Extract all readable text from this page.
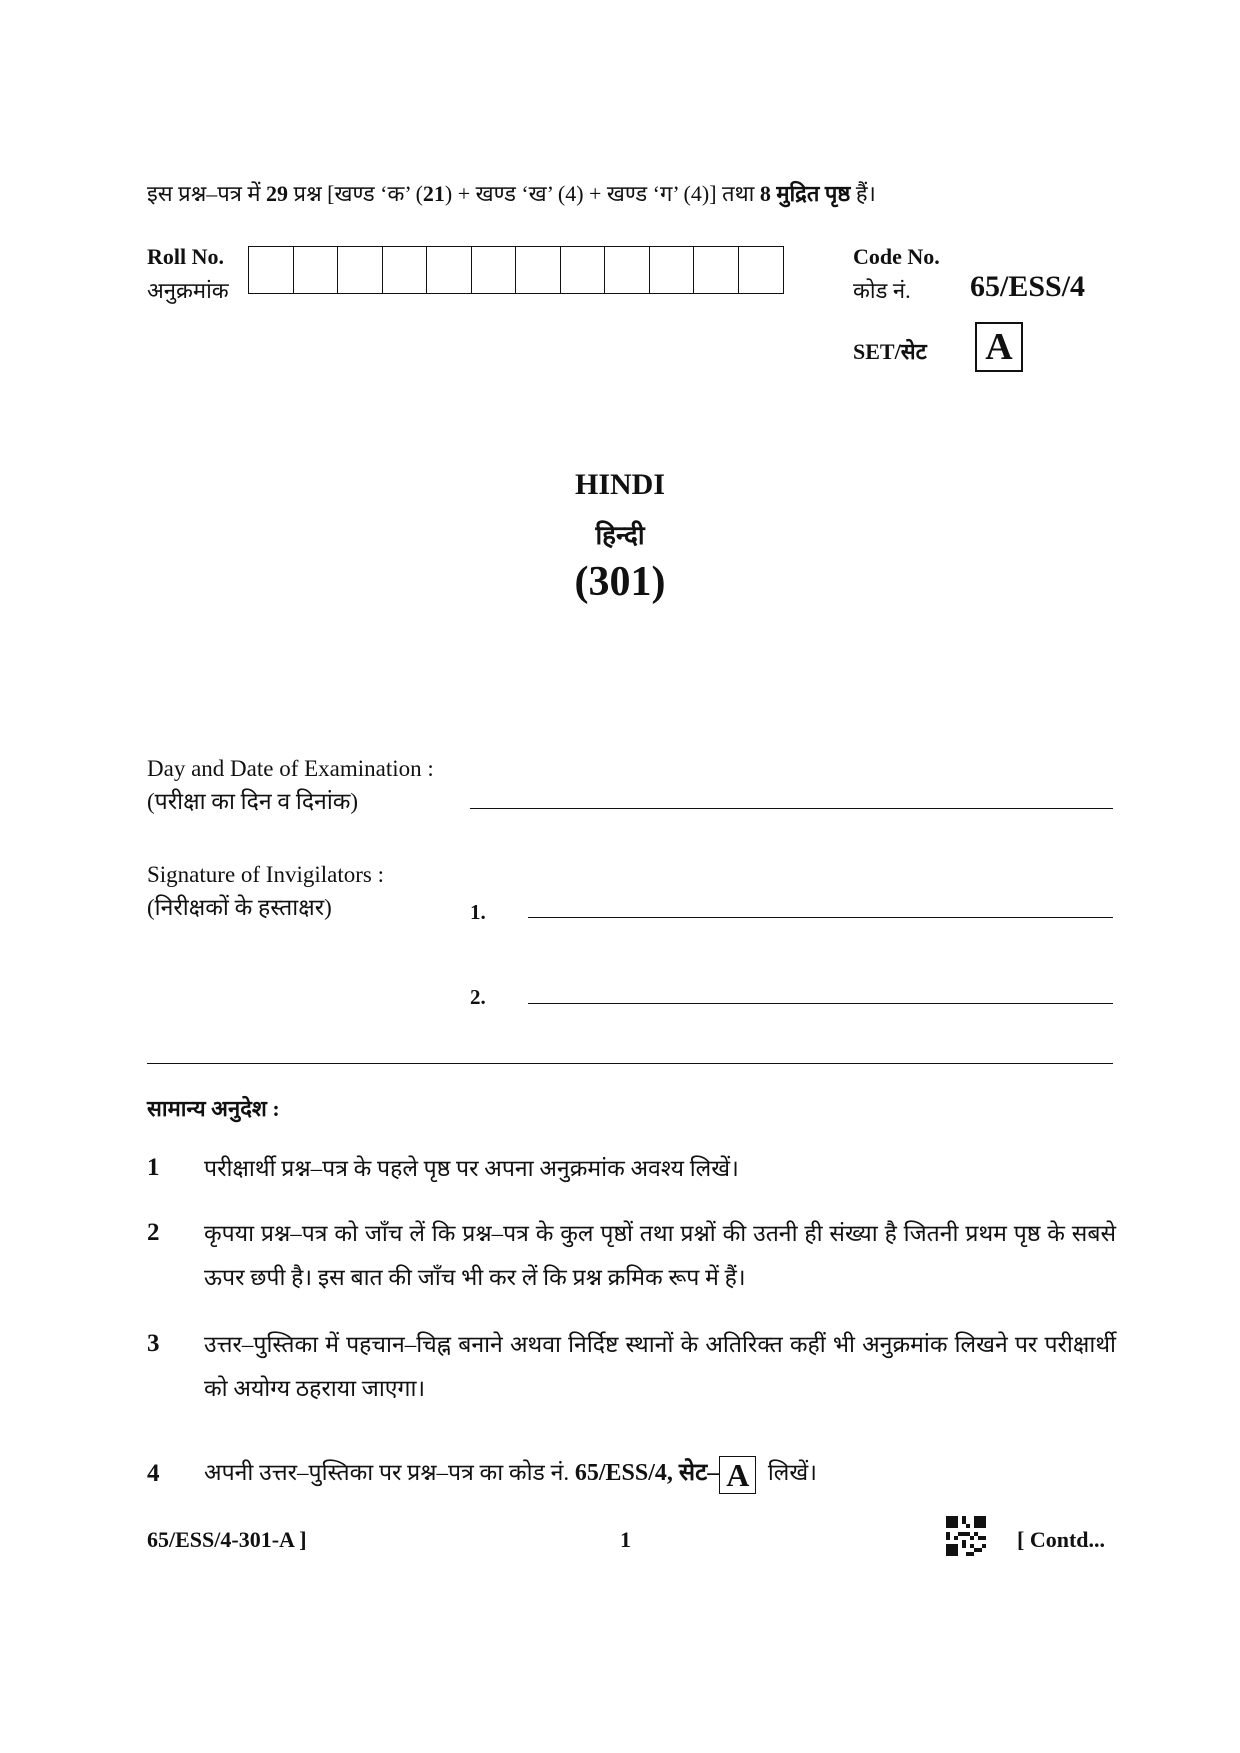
इस प्रश्न–पत्र में 29 प्रश्न [खण्ड ‘क’ (21) + खण्ड ‘ख’ (4) + खण्ड ‘ग’ (4)] तथा 8 मुद्रित पृष्ठ हैं।
Roll No.
अनुक्रमांक
Code No.
कोड नं.	65/ESS/4
SET/सेट A
HINDI
हिन्दी
(301)
Day and Date of Examination :
(परीक्षा का दिन व दिनांक)
Signature of Invigilators :
(निरीक्षकों के हस्ताक्षर)	1.
2.
सामान्य अनुदेश :
1 परीक्षार्थी प्रश्न–पत्र के पहले पृष्ठ पर अपना अनुक्रमांक अवश्य लिखें।
2 कृपया प्रश्न–पत्र को जाँच लें कि प्रश्न–पत्र के कुल पृष्ठों तथा प्रश्नों की उतनी ही संख्या है जितनी प्रथम पृष्ठ के सबसे ऊपर छपी है। इस बात की जाँच भी कर लें कि प्रश्न क्रमिक रूप में हैं।
3 उत्तर–पुस्तिका में पहचान–चिह्न बनाने अथवा निर्दिष्ट स्थानों के अतिरिक्त कहीं भी अनुक्रमांक लिखने पर परीक्षार्थी को अयोग्य ठहराया जाएगा।
4 अपनी उत्तर–पुस्तिका पर प्रश्न–पत्र का कोड नं. 65/ESS/4, सेट– A लिखें।
65/ESS/4-301-A ]	1	[ Contd...
